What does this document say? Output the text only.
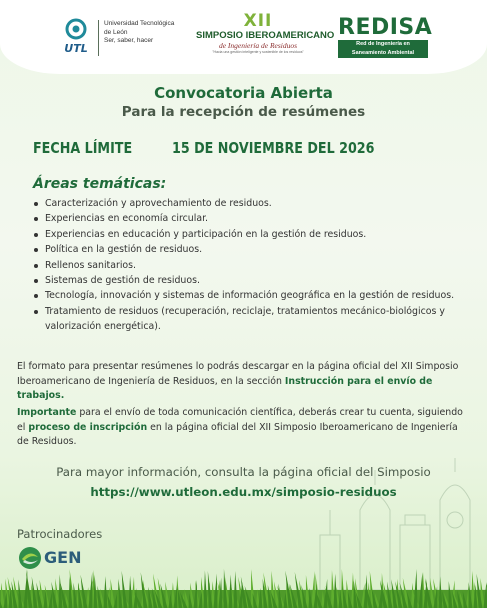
UTL
Universidad Tecnológica
de León
Ser, saber, hacer
XII
SIMPOSIO IBEROAMERICANO
de Ingeniería de Residuos
"Hacia una gestión inteligente y sostenible de los residuos"
REDISA
Red de Ingeniería en
Saneamiento Ambiental
Convocatoria Abierta
Para la recepción de resúmenes
FECHA LÍMITE	15 DE NOVIEMBRE DEL 2026
Áreas temáticas:
Caracterización y aprovechamiento de residuos.
Experiencias en economía circular.
Experiencias en educación y participación en la gestión de residuos.
Política en la gestión de residuos.
Rellenos sanitarios.
Sistemas de gestión de residuos.
Tecnología, innovación y sistemas de información geográfica en la gestión de residuos.
Tratamiento de residuos (recuperación, reciclaje, tratamientos mecánico-biológicos y valorización energética).

El formato para presentar resúmenes lo podrás descargar en la página oficial del XII Simposio Iberoamericano de Ingeniería de Residuos, en la sección Instrucción para el envío de trabajos.

Importante para el envío de toda comunicación científica, deberás crear tu cuenta, siguiendo el proceso de inscripción en la página oficial del XII Simposio Iberoamericano de Ingeniería de Residuos.

Para mayor información, consulta la página oficial del Simposio
https://www.utleon.edu.mx/simposio-residuos
Patrocinadores
GEN
